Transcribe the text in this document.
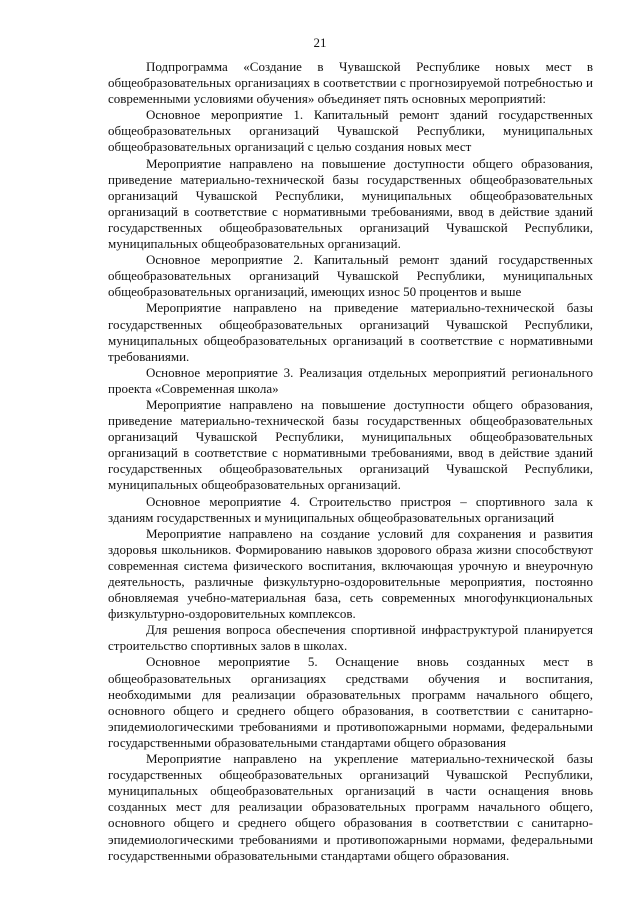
21

Подпрограмма «Создание в Чувашской Республике новых мест в общеобразовательных организациях в соответствии с прогнозируемой потребностью и современными условиями обучения» объединяет пять основных мероприятий:

Основное мероприятие 1. Капитальный ремонт зданий государственных общеобразовательных организаций Чувашской Республики, муниципальных общеобразовательных организаций с целью создания новых мест

Мероприятие направлено на повышение доступности общего образования, приведение материально-технической базы государственных общеобразовательных организаций Чувашской Республики, муниципальных общеобразовательных организаций в соответствие с нормативными требованиями, ввод в действие зданий государственных общеобразовательных организаций Чувашской Республики, муниципальных общеобразовательных организаций.

Основное мероприятие 2. Капитальный ремонт зданий государственных общеобразовательных организаций Чувашской Республики, муниципальных общеобразовательных организаций, имеющих износ 50 процентов и выше

Мероприятие направлено на приведение материально-технической базы государственных общеобразовательных организаций Чувашской Республики, муниципальных общеобразовательных организаций в соответствие с нормативными требованиями.

Основное мероприятие 3. Реализация отдельных мероприятий регионального проекта «Современная школа»

Мероприятие направлено на повышение доступности общего образования, приведение материально-технической базы государственных общеобразовательных организаций Чувашской Республики, муниципальных общеобразовательных организаций в соответствие с нормативными требованиями, ввод в действие зданий государственных общеобразовательных организаций Чувашской Республики, муниципальных общеобразовательных организаций.

Основное мероприятие 4. Строительство пристроя – спортивного зала к зданиям государственных и муниципальных общеобразовательных организаций

Мероприятие направлено на создание условий для сохранения и развития здоровья школьников. Формированию навыков здорового образа жизни способствуют современная система физического воспитания, включающая урочную и внеурочную деятельность, различные физкультурно-оздоровительные мероприятия, постоянно обновляемая учебно-материальная база, сеть современных многофункциональных физкультурно-оздоровительных комплексов.

Для решения вопроса обеспечения спортивной инфраструктурой планируется строительство спортивных залов в школах.

Основное мероприятие 5. Оснащение вновь созданных мест в общеобразовательных организациях средствами обучения и воспитания, необходимыми для реализации образовательных программ начального общего, основного общего и среднего общего образования, в соответствии с санитарно-эпидемиологическими требованиями и противопожарными нормами, федеральными государственными образовательными стандартами общего образования

Мероприятие направлено на укрепление материально-технической базы государственных общеобразовательных организаций Чувашской Республики, муниципальных общеобразовательных организаций в части оснащения вновь созданных мест для реализации образовательных программ начального общего, основного общего и среднего общего образования в соответствии с санитарно-эпидемиологическими требованиями и противопожарными нормами, федеральными государственными образовательными стандартами общего образования.
